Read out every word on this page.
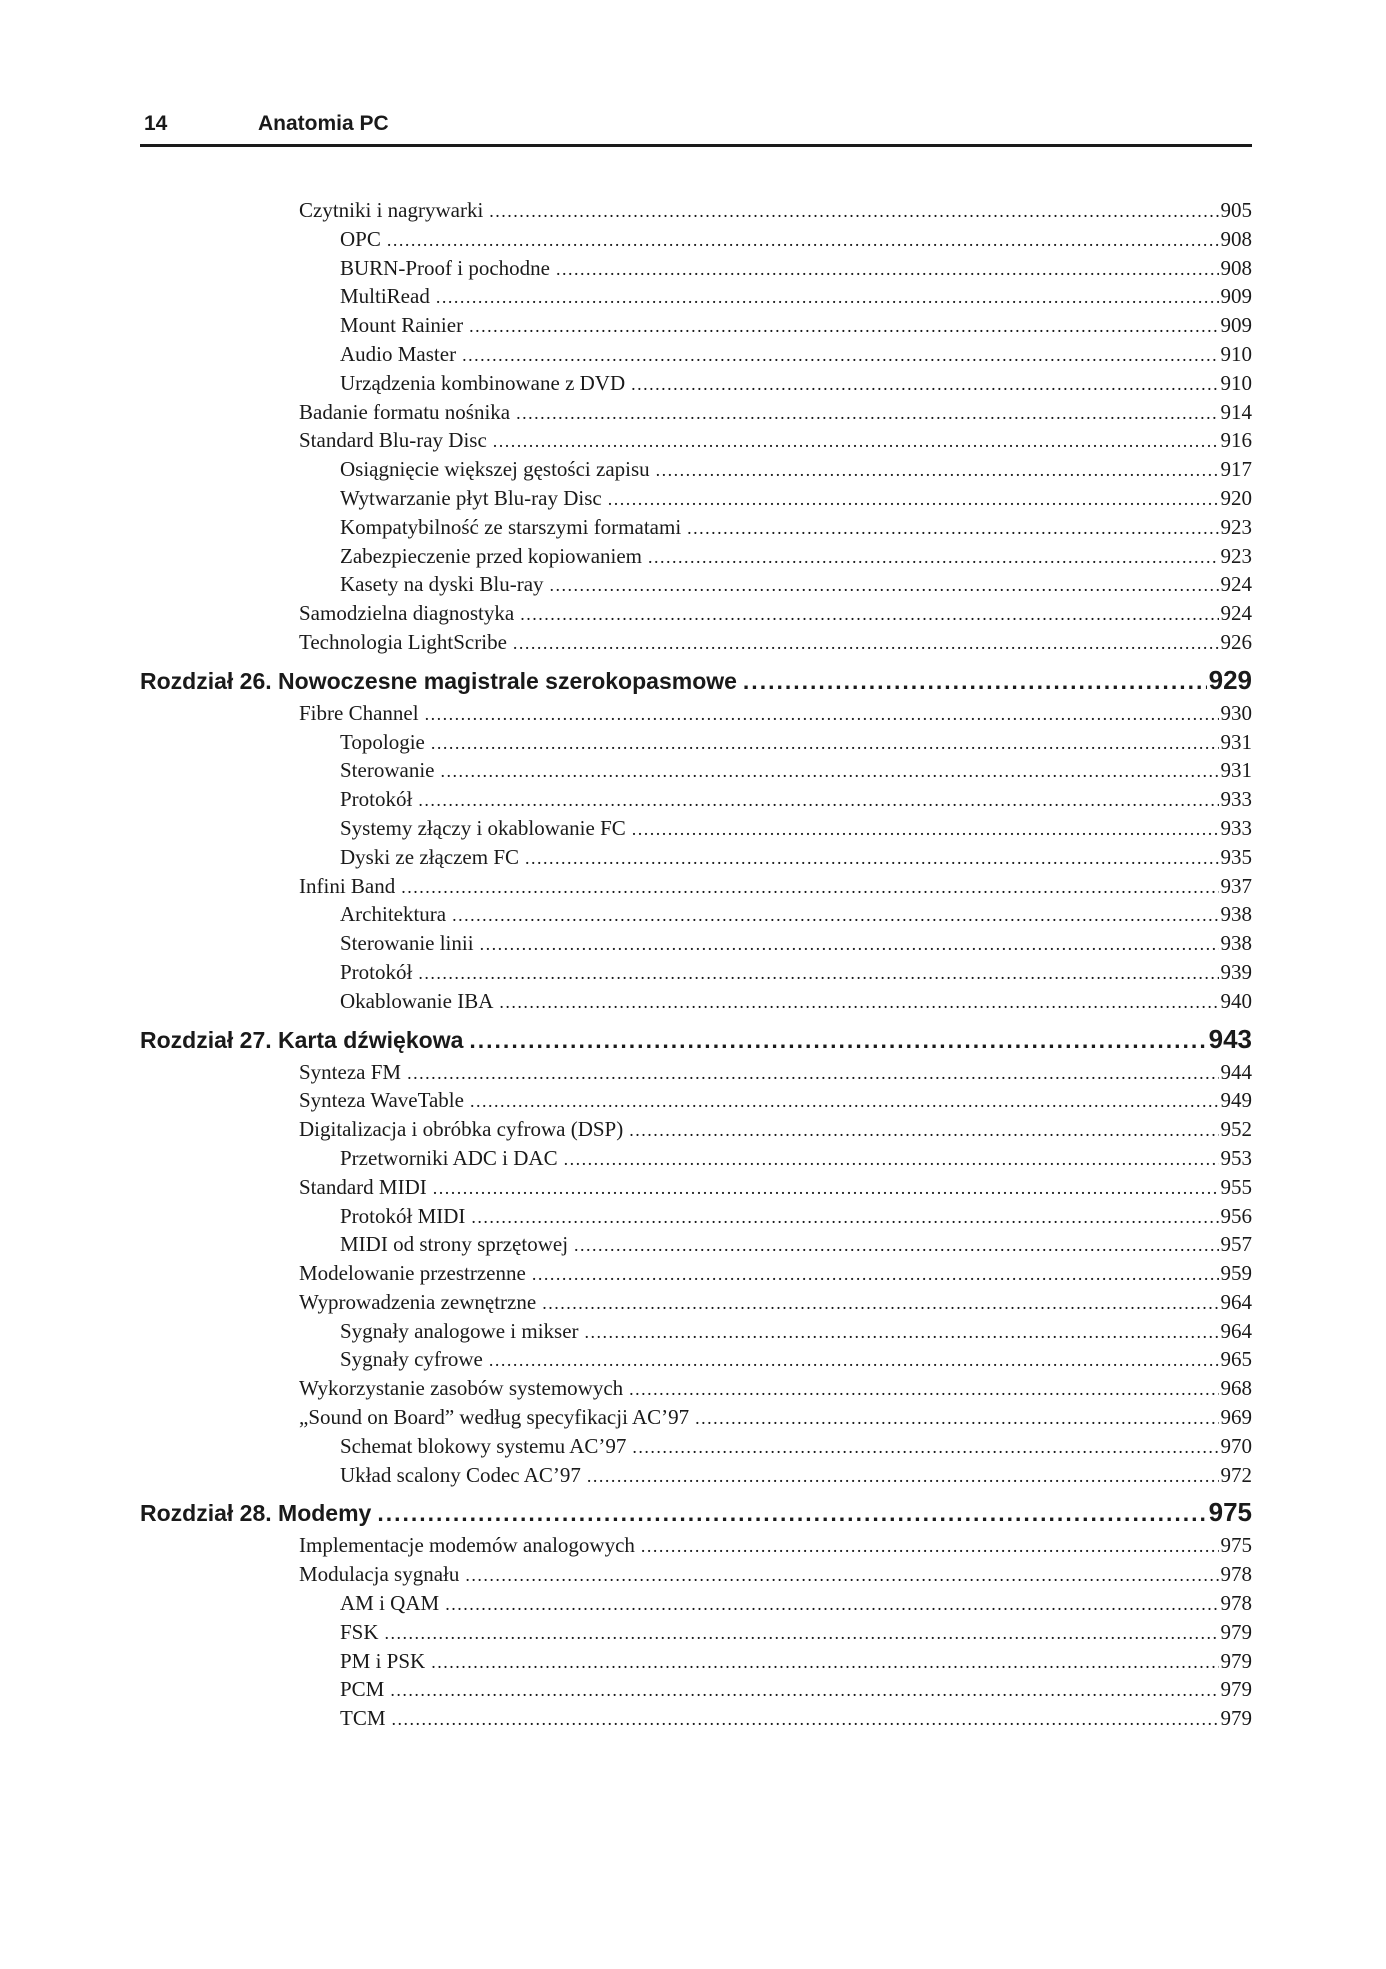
14	Anatomia PC
Czytniki i nagrywarki .....	905
OPC .....	908
BURN-Proof i pochodne .....	908
MultiRead .....	909
Mount Rainier .....	909
Audio Master .....	910
Urządzenia kombinowane z DVD .....	910
Badanie formatu nośnika .....	914
Standard Blu-ray Disc .....	916
Osiągnięcie większej gęstości zapisu .....	917
Wytwarzanie płyt Blu-ray Disc .....	920
Kompatybilność ze starszymi formatami .....	923
Zabezpieczenie przed kopiowaniem .....	923
Kasety na dyski Blu-ray .....	924
Samodzielna diagnostyka .....	924
Technologia LightScribe .....	926
Rozdział 26. Nowoczesne magistrale szerokopasmowe .....	929
Fibre Channel .....	930
Topologie .....	931
Sterowanie .....	931
Protokół .....	933
Systemy złączy i okablowanie FC .....	933
Dyski ze złączem FC .....	935
Infini Band .....	937
Architektura .....	938
Sterowanie linii .....	938
Protokół .....	939
Okablowanie IBA .....	940
Rozdział 27. Karta dźwiękowa .....	943
Synteza FM .....	944
Synteza WaveTable .....	949
Digitalizacja i obróbka cyfrowa (DSP) .....	952
Przetworniki ADC i DAC .....	953
Standard MIDI .....	955
Protokół MIDI .....	956
MIDI od strony sprzętowej .....	957
Modelowanie przestrzenne .....	959
Wyprowadzenia zewnętrzne .....	964
Sygnały analogowe i mikser .....	964
Sygnały cyfrowe .....	965
Wykorzystanie zasobów systemowych .....	968
„Sound on Board” według specyfikacji AC’97 .....	969
Schemat blokowy systemu AC’97 .....	970
Układ scalony Codec AC’97 .....	972
Rozdział 28. Modemy .....	975
Implementacje modemów analogowych .....	975
Modulacja sygnału .....	978
AM i QAM .....	978
FSK .....	979
PM i PSK .....	979
PCM .....	979
TCM .....	979
